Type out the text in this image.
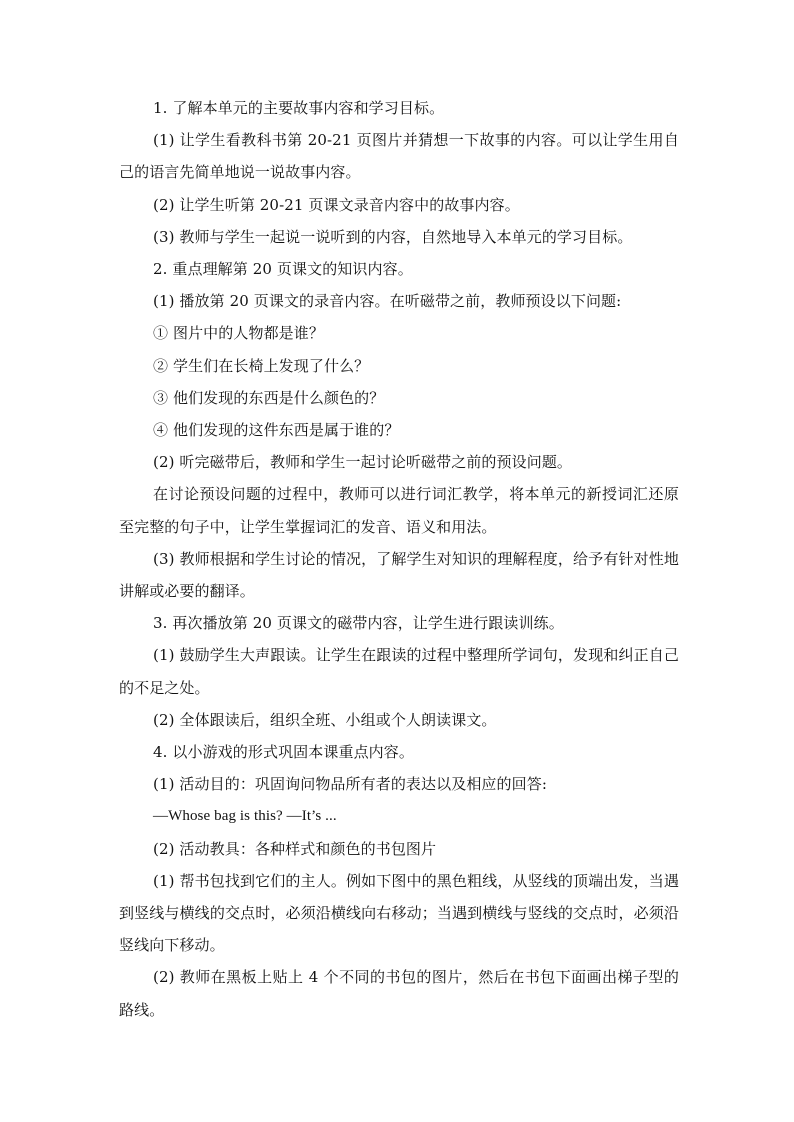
1. 了解本单元的主要故事内容和学习目标。

(1) 让学生看教科书第 20-21 页图片并猜想一下故事的内容。可以让学生用自己的语言先简单地说一说故事内容。

(2) 让学生听第 20-21 页课文录音内容中的故事内容。

(3) 教师与学生一起说一说听到的内容，自然地导入本单元的学习目标。

2. 重点理解第 20 页课文的知识内容。

(1) 播放第 20 页课文的录音内容。在听磁带之前，教师预设以下问题:

① 图片中的人物都是谁？

② 学生们在长椅上发现了什么？

③ 他们发现的东西是什么颜色的？

④ 他们发现的这件东西是属于谁的？

(2) 听完磁带后，教师和学生一起讨论听磁带之前的预设问题。

在讨论预设问题的过程中，教师可以进行词汇教学，将本单元的新授词汇还原至完整的句子中，让学生掌握词汇的发音、语义和用法。

(3) 教师根据和学生讨论的情况，了解学生对知识的理解程度，给予有针对性地讲解或必要的翻译。

3. 再次播放第 20 页课文的磁带内容，让学生进行跟读训练。

(1) 鼓励学生大声跟读。让学生在跟读的过程中整理所学词句，发现和纠正自己的不足之处。

(2) 全体跟读后，组织全班、小组或个人朗读课文。

4. 以小游戏的形式巩固本课重点内容。

(1) 活动目的：巩固询问物品所有者的表达以及相应的回答:

—Whose bag is this? —It’s ...

(2) 活动教具：各种样式和颜色的书包图片

(1) 帮书包找到它们的主人。例如下图中的黑色粗线，从竖线的顶端出发，当遇到竖线与横线的交点时，必须沿横线向右移动；当遇到横线与竖线的交点时，必须沿竖线向下移动。

(2) 教师在黑板上贴上 4 个不同的书包的图片，然后在书包下面画出梯子型的路线。
